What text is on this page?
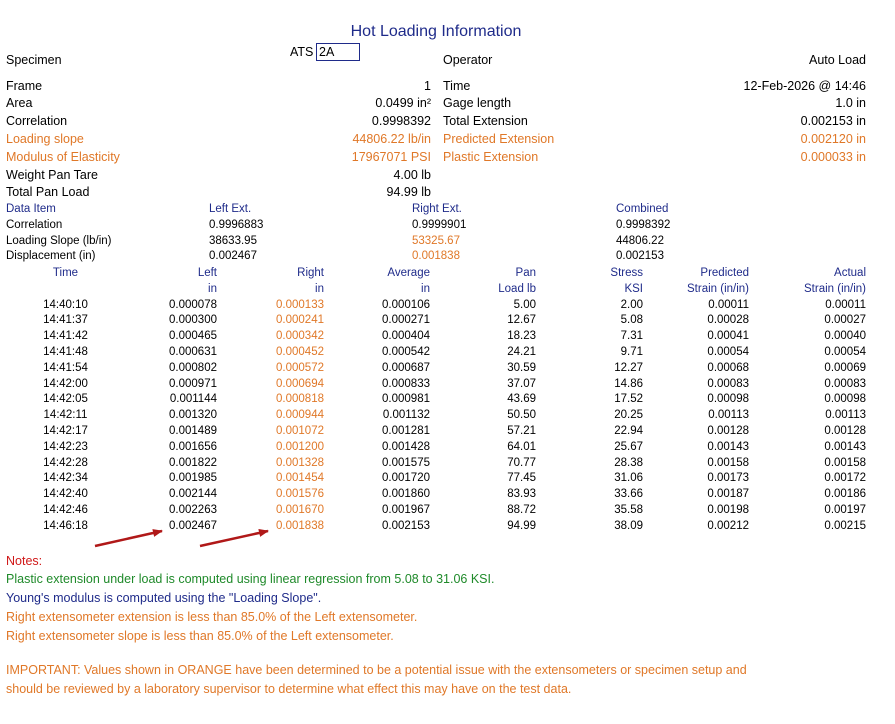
Hot Loading Information
Specimen
ATS
2A
Operator	Auto Load
Frame	1
Area	0.0499 in²
Correlation	0.9998392
Loading slope	44806.22 lb/in
Modulus of Elasticity	17967071 PSI
Weight Pan Tare	4.00 lb
Total Pan Load	94.99 lb
Time	12-Feb-2026 @ 14:46
Gage length	1.0 in
Total Extension	0.002153 in
Predicted Extension	0.002120 in
Plastic Extension	0.000033 in
Data Item	Left Ext.	Right Ext.	Combined
Correlation	0.9996883	0.9999901	0.9998392
Loading Slope (lb/in)	38633.95	53325.67	44806.22
Displacement (in)	0.002467	0.001838	0.002153
Time	Left	Right	Average	Pan	Stress	Predicted	Actual
	in	in	in	Load lb	KSI	Strain (in/in)	Strain (in/in)
14:40:10	0.000078	0.000133	0.000106	5.00	2.00	0.00011	0.00011
14:41:37	0.000300	0.000241	0.000271	12.67	5.08	0.00028	0.00027
14:41:42	0.000465	0.000342	0.000404	18.23	7.31	0.00041	0.00040
14:41:48	0.000631	0.000452	0.000542	24.21	9.71	0.00054	0.00054
14:41:54	0.000802	0.000572	0.000687	30.59	12.27	0.00068	0.00069
14:42:00	0.000971	0.000694	0.000833	37.07	14.86	0.00083	0.00083
14:42:05	0.001144	0.000818	0.000981	43.69	17.52	0.00098	0.00098
14:42:11	0.001320	0.000944	0.001132	50.50	20.25	0.00113	0.00113
14:42:17	0.001489	0.001072	0.001281	57.21	22.94	0.00128	0.00128
14:42:23	0.001656	0.001200	0.001428	64.01	25.67	0.00143	0.00143
14:42:28	0.001822	0.001328	0.001575	70.77	28.38	0.00158	0.00158
14:42:34	0.001985	0.001454	0.001720	77.45	31.06	0.00173	0.00172
14:42:40	0.002144	0.001576	0.001860	83.93	33.66	0.00187	0.00186
14:42:46	0.002263	0.001670	0.001967	88.72	35.58	0.00198	0.00197
14:46:18	0.002467	0.001838	0.002153	94.99	38.09	0.00212	0.00215
Notes:
Plastic extension under load is computed using linear regression from 5.08 to 31.06 KSI.
Young's modulus is computed using the "Loading Slope".
Right extensometer extension is less than 85.0% of the Left extensometer.
Right extensometer slope is less than 85.0% of the Left extensometer.
IMPORTANT: Values shown in ORANGE have been determined to be a potential issue with the extensometers or specimen setup and
should be reviewed by a laboratory supervisor to determine what effect this may have on the test data.
